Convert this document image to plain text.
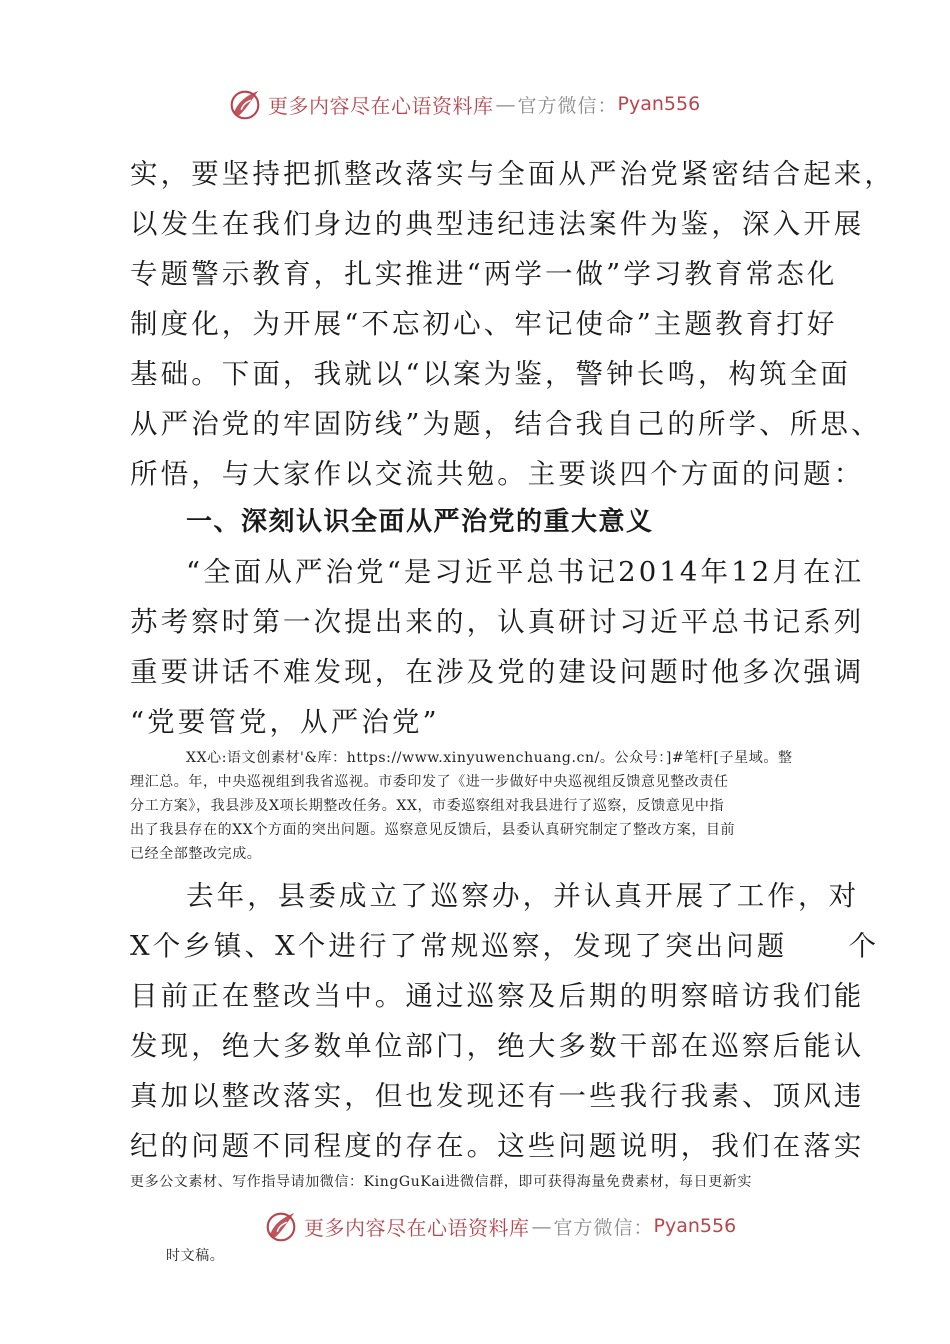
更多内容尽在心语资料库 — 官方微信： Pyan556

实，要坚持把抓整改落实与全面从严治党紧密结合起来，

以发生在我们身边的典型违纪违法案件为鉴，深入开展

专题警示教育，扎实推进“两学一做”学习教育常态化

制度化，为开展“不忘初心、牢记使命”主题教育打好

基础。下面，我就以“以案为鉴，警钟长鸣，构筑全面

从严治党的牢固防线”为题，结合我自己的所学、所思、

所悟，与大家作以交流共勉。主要谈四个方面的问题：

一、深刻认识全面从严治党的重大意义

“全面从严治党“是习近平总书记2014年12月在江

苏考察时第一次提出来的，认真研讨习近平总书记系列

重要讲话不难发现，在涉及党的建设问题时他多次强调

“党要管党，从严治党”

XX心:语文创素材'&库：https://www.xinyuwenchuang.cn/。公众号：]#笔杆[子星域。整

理汇总。年，中央巡视组到我省巡视。市委印发了《进一步做好中央巡视组反馈意见整改责任

分工方案》，我县涉及X项长期整改任务。XX，市委巡察组对我县进行了巡察，反馈意见中指

出了我县存在的XX个方面的突出问题。巡察意见反馈后，县委认真研究制定了整改方案，目前

已经全部整改完成。

去年，县委成立了巡察办，并认真开展了工作，对

X个乡镇、X个进行了常规巡察，发现了突出问题　　个

目前正在整改当中。通过巡察及后期的明察暗访我们能

发现，绝大多数单位部门，绝大多数干部在巡察后能认

真加以整改落实，但也发现还有一些我行我素、顶风违

纪的问题不同程度的存在。这些问题说明，我们在落实

更多公文素材、写作指导请加微信：KingGuKai进微信群，即可获得海量免费素材，每日更新实

更多内容尽在心语资料库 — 官方微信： Pyan556

时文稿。
